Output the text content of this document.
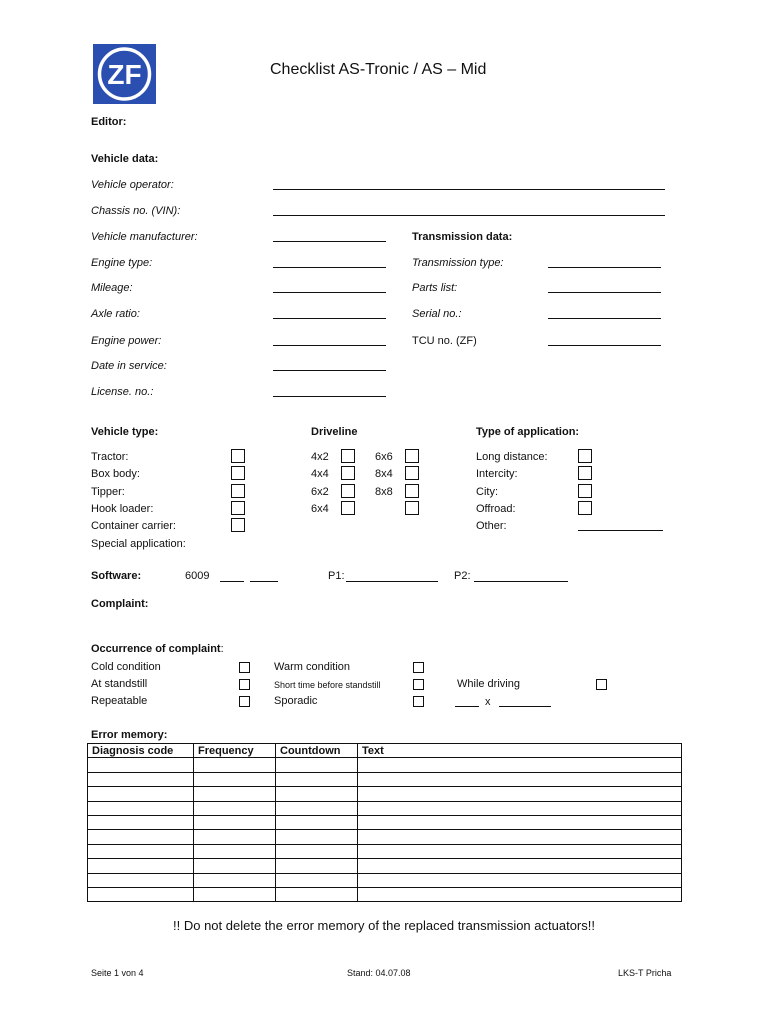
ZF	Checklist AS-Tronic / AS – Mid
Editor:
Vehicle data:
Vehicle operator:
Chassis no. (VIN):
Vehicle manufacturer:
Engine type:
Mileage:
Axle ratio:
Engine power:
Date in service:
License. no.:
Transmission data:
Transmission type:
Parts list:
Serial no.:
TCU no. (ZF)
Vehicle type:
Tractor:
Box body:
Tipper:
Hook loader:
Container carrier:
Special application:
Driveline
4x2
4x4
6x2
6x4
6x6
8x4
8x8
Type of application:
Long distance:
Intercity:
City:
Offroad:
Other:
Software:	6009	P1:	P2:
Complaint:
Occurrence of complaint:
Cold condition
At standstill
Repeatable
Warm condition
Short time before standstill
Sporadic
While driving
x
Error memory:
Diagnosis code	Frequency	Countdown	Text

!! Do not delete the error memory of the replaced transmission actuators!!
Seite 1 von 4	Stand: 04.07.08	LKS-T Pricha
